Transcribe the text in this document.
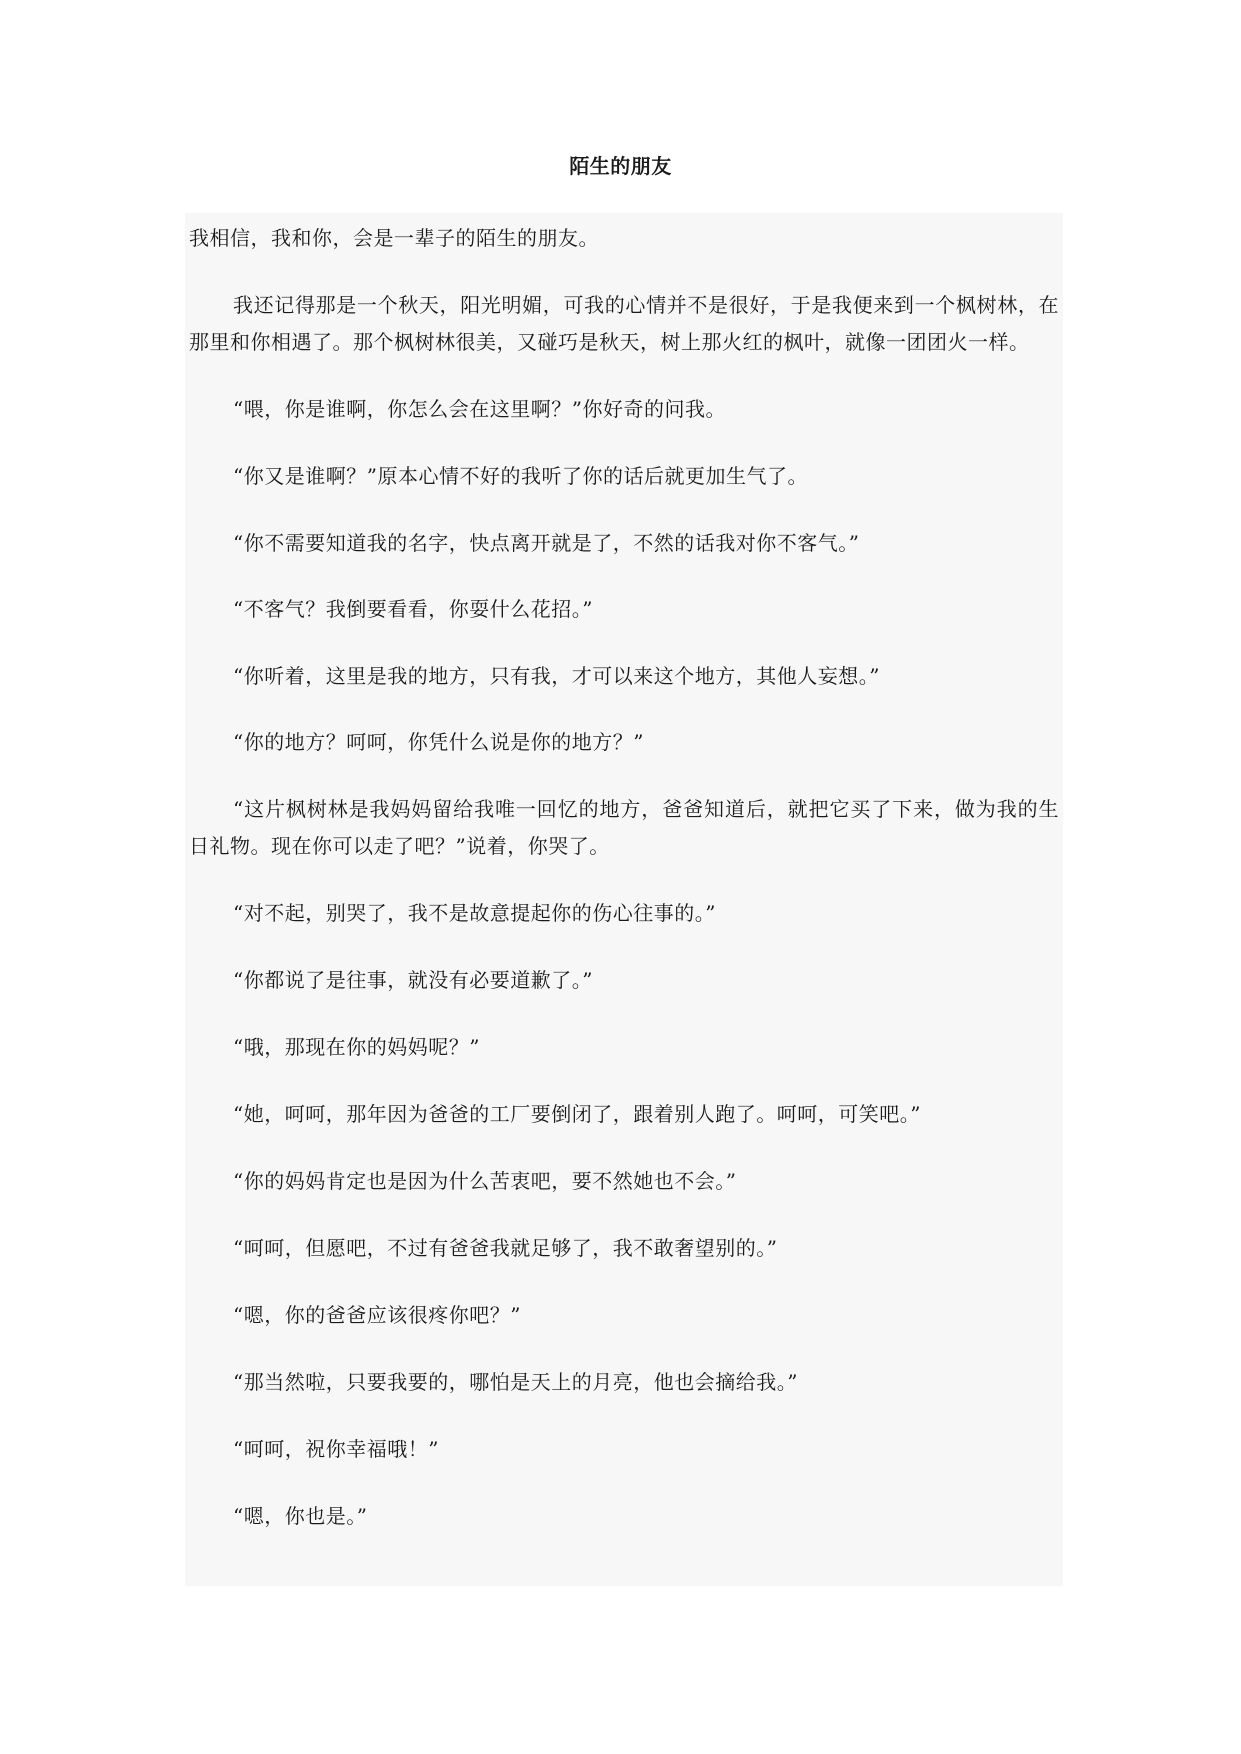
陌生的朋友

我相信，我和你，会是一辈子的陌生的朋友。

我还记得那是一个秋天，阳光明媚，可我的心情并不是很好，于是我便来到一个枫树林，在那里和你相遇了。那个枫树林很美，又碰巧是秋天，树上那火红的枫叶，就像一团团火一样。

“喂，你是谁啊，你怎么会在这里啊？”你好奇的问我。

“你又是谁啊？”原本心情不好的我听了你的话后就更加生气了。

“你不需要知道我的名字，快点离开就是了，不然的话我对你不客气。”

“不客气？我倒要看看，你耍什么花招。”

“你听着，这里是我的地方，只有我，才可以来这个地方，其他人妄想。”

“你的地方？呵呵，你凭什么说是你的地方？”

“这片枫树林是我妈妈留给我唯一回忆的地方，爸爸知道后，就把它买了下来，做为我的生日礼物。现在你可以走了吧？”说着，你哭了。

“对不起，别哭了，我不是故意提起你的伤心往事的。”

“你都说了是往事，就没有必要道歉了。”

“哦，那现在你的妈妈呢？”

“她，呵呵，那年因为爸爸的工厂要倒闭了，跟着别人跑了。呵呵，可笑吧。”

“你的妈妈肯定也是因为什么苦衷吧，要不然她也不会。”

“呵呵，但愿吧，不过有爸爸我就足够了，我不敢奢望别的。”

“嗯，你的爸爸应该很疼你吧？”

“那当然啦，只要我要的，哪怕是天上的月亮，他也会摘给我。”

“呵呵，祝你幸福哦！”

“嗯，你也是。”
